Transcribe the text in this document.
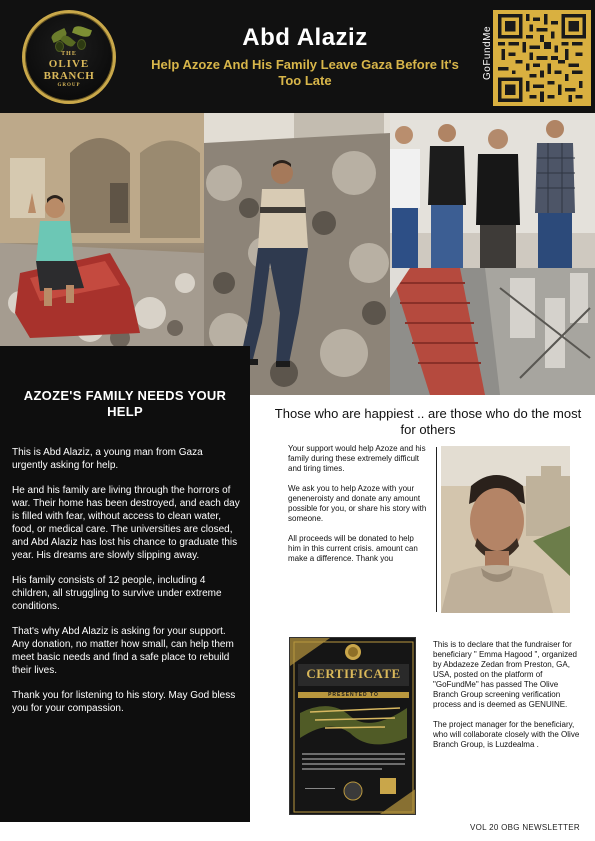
THE
OLIVE
BRANCH
GROUP
Abd Alaziz
Help Azoze And His Family Leave Gaza Before It's Too Late
GoFundMe
AZOZE'S FAMILY NEEDS YOUR HELP

This is Abd Alaziz, a young man from Gaza urgently asking for help.

He and his family are living through the horrors of war. Their home has been destroyed, and each day is filled with fear, without access to clean water, food, or medical care. The universities are closed, and Abd Alaziz has lost his chance to graduate this year. His dreams are slowly slipping away.

His family consists of 12 people, including 4 children, all struggling to survive under extreme conditions.

That's why Abd Alaziz is asking for your support. Any donation, no matter how small, can help them meet basic needs and find a safe place to rebuild their lives.

Thank you for listening to his story. May God bless you for your compassion.

Those who are happiest .. are those who do the most for others

Your support would help Azoze and his family during these extremely difficult and tiring times.

We ask you to help Azoze with your geneneroisty and donate any amount possible for you, or share his story with someone.

All proceeds will be donated to help him in this current crisis. amount can make a difference. Thank you

CERTIFICATE
PRESENTED TO

This is to declare that the fundraiser for beneficiary " Emma Hagood ", organized by Abdazeze Zedan from Preston, GA, USA, posted on the platform of "GoFundMe" has passed The Olive Branch Group screening verification process and is deemed as GENUINE.

The project manager for the beneficiary, who will collaborate closely with the Olive Branch Group, is Luzdealma .

VOL 20 OBG NEWSLETTER
